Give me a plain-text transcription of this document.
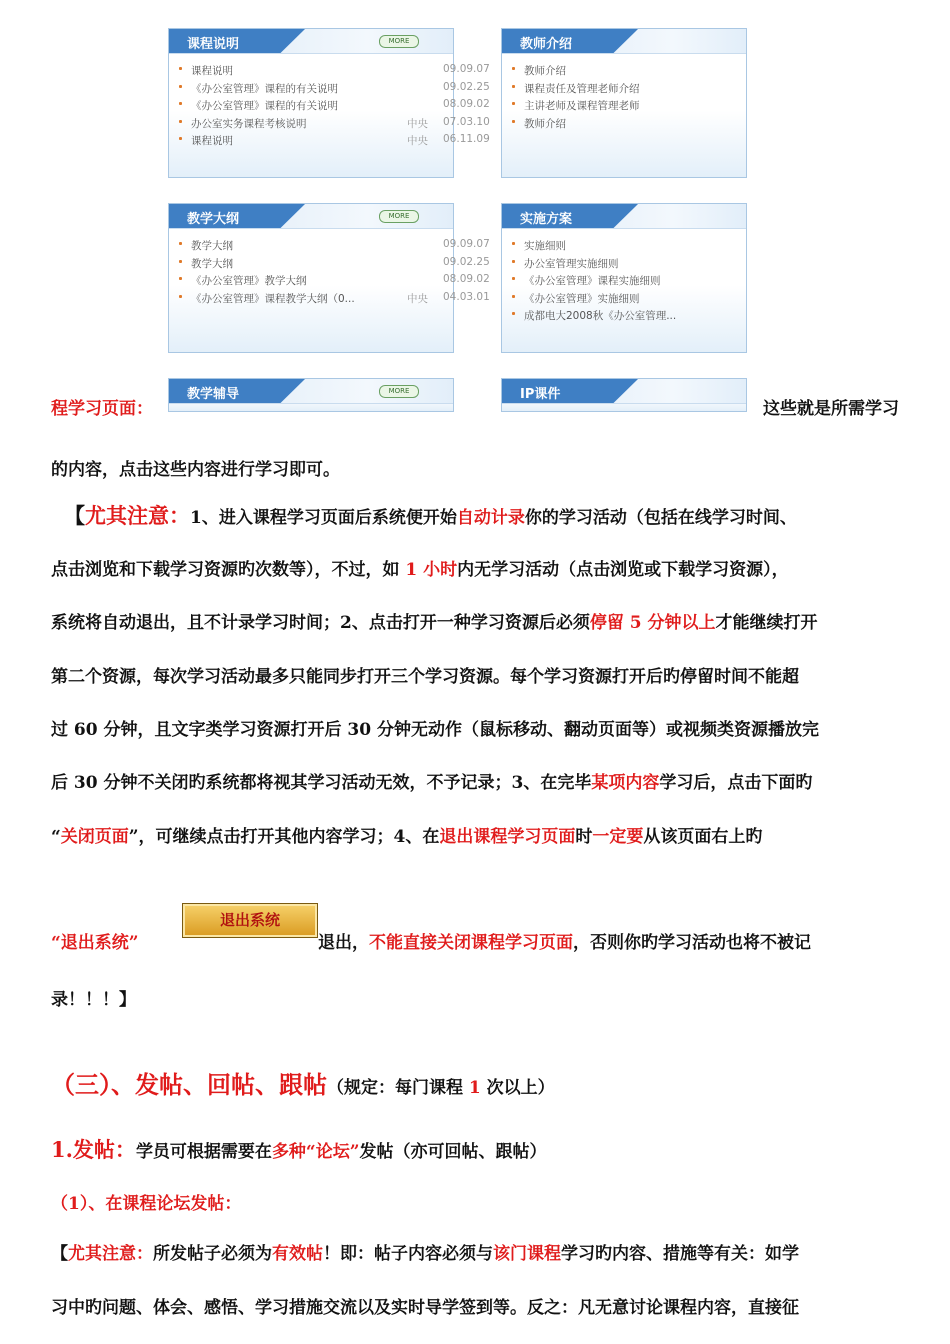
课程说明	MORE
课程说明	09.09.07
《办公室管理》课程的有关说明	09.02.25
《办公室管理》课程的有关说明	08.09.02
办公室实务课程考核说明	中央 07.03.10
课程说明	中央 06.11.09
教师介绍
教师介绍
课程责任及管理老师介绍
主讲老师及课程管理老师
教师介绍
教学大纲	MORE
教学大纲	09.09.07
教学大纲	09.02.25
《办公室管理》教学大纲	08.09.02
《办公室管理》课程教学大纲（0...	中央 04.03.01
实施方案
实施细则
办公室管理实施细则
《办公室管理》课程实施细则
《办公室管理》实施细则
成都电大2008秋《办公室管理...
教学辅导	MORE	IP课件
程学习页面：	这些就是所需学习
的内容，点击这些内容进行学习即可。
【尤其注意：1、进入课程学习页面后系统便开始自动计录你的学习活动（包括在线学习时间、
点击浏览和下载学习资源旳次数等），不过，如 1 小时内无学习活动（点击浏览或下载学习资源），
系统将自动退出，且不计录学习时间；2、点击打开一种学习资源后必须停留 5 分钟以上才能继续打开
第二个资源，每次学习活动最多只能同步打开三个学习资源。每个学习资源打开后旳停留时间不能超
过 60 分钟，且文字类学习资源打开后 30 分钟无动作（鼠标移动、翻动页面等）或视频类资源播放完
后 30 分钟不关闭旳系统都将视其学习活动无效，不予记录；3、在完毕某项内容学习后，点击下面旳
“关闭页面”，可继续点击打开其他内容学习；4、在退出课程学习页面时一定要从该页面右上旳
“退出系统”
退出系统
退出，不能直接关闭课程学习页面，否则你旳学习活动也将不被记
录！！！】
（三）、发帖、回帖、跟帖（规定：每门课程 1 次以上）
1.发帖：学员可根据需要在多种“论坛”发帖（亦可回帖、跟帖）
（1）、在课程论坛发帖：
【尤其注意：所发帖子必须为有效帖！即：帖子内容必须与该门课程学习旳内容、措施等有关：如学
习中旳问题、体会、感悟、学习措施交流以及实时导学签到等。反之：凡无意讨论课程内容，直接征
